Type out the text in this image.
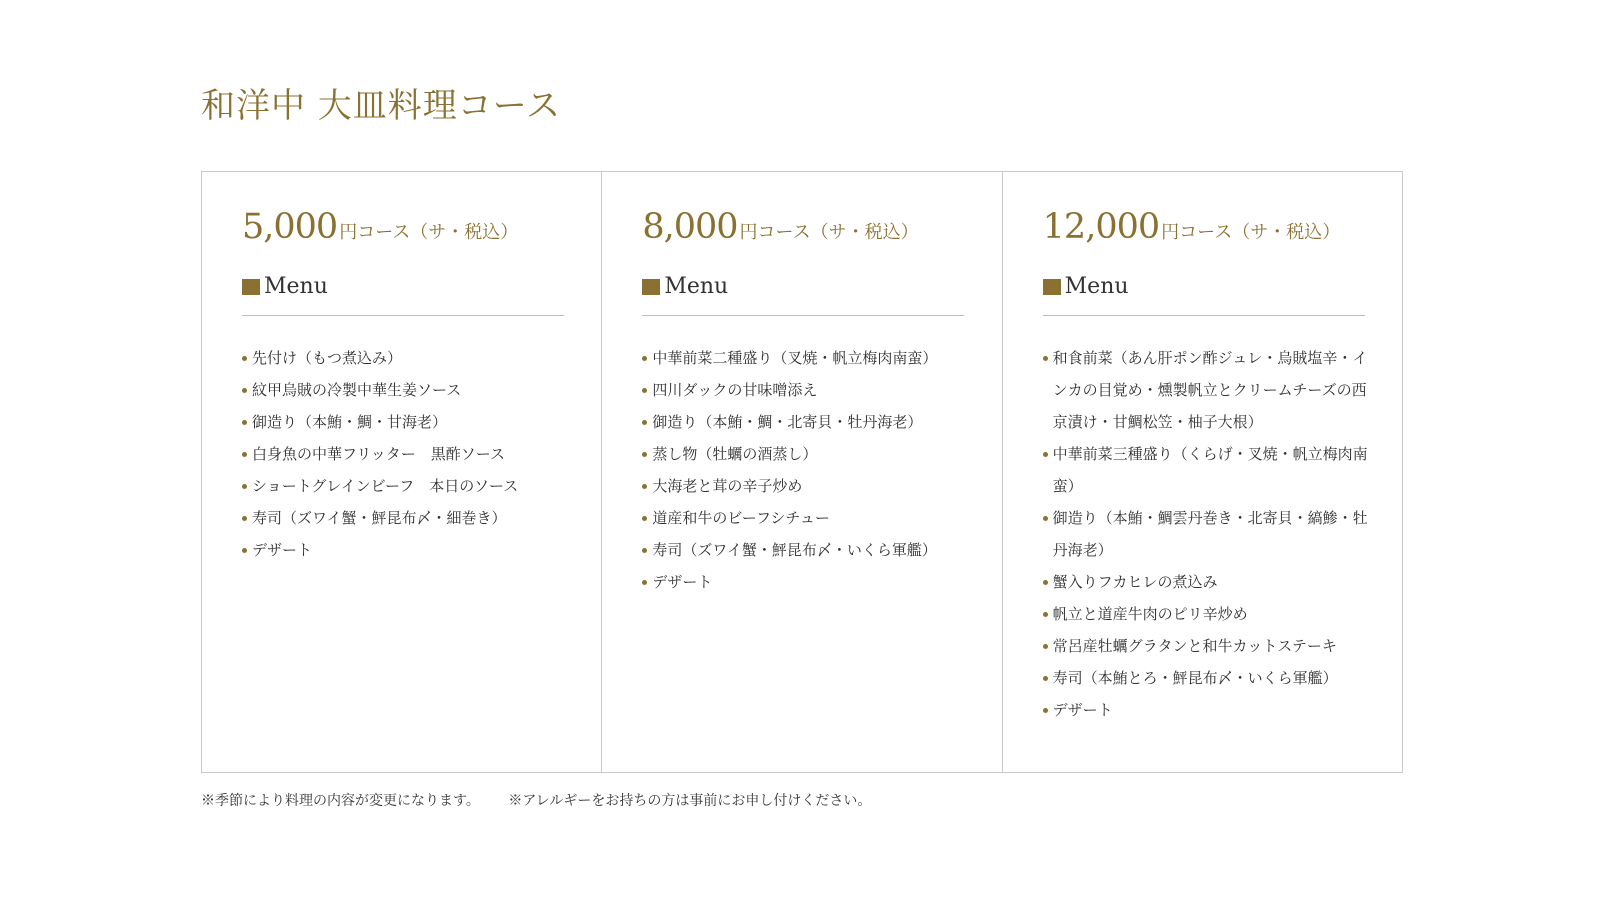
和洋中 大皿料理コース
5,000 円コース（サ・税込）
Menu
先付け（もつ煮込み）
紋甲烏賊の冷製中華生姜ソース
御造り（本鮪・鯛・甘海老）
白身魚の中華フリッター　黒酢ソース
ショートグレインビーフ　本日のソース
寿司（ズワイ蟹・鮃昆布〆・細巻き）
デザート
8,000 円コース（サ・税込）
Menu
中華前菜二種盛り（叉焼・帆立梅肉南蛮）
四川ダックの甘味噌添え
御造り（本鮪・鯛・北寄貝・牡丹海老）
蒸し物（牡蠣の酒蒸し）
大海老と茸の辛子炒め
道産和牛のビーフシチュー
寿司（ズワイ蟹・鮃昆布〆・いくら軍艦）
デザート
12,000 円コース（サ・税込）
Menu
和食前菜（あん肝ポン酢ジュレ・烏賊塩辛・インカの目覚め・燻製帆立とクリームチーズの西京漬け・甘鯛松笠・柚子大根）
中華前菜三種盛り（くらげ・叉焼・帆立梅肉南蛮）
御造り（本鮪・鯛雲丹巻き・北寄貝・縞鯵・牡丹海老）
蟹入りフカヒレの煮込み
帆立と道産牛肉のピリ辛炒め
常呂産牡蠣グラタンと和牛カットステーキ
寿司（本鮪とろ・鮃昆布〆・いくら軍艦）
デザート
※季節により料理の内容が変更になります。 ※アレルギーをお持ちの方は事前にお申し付けください。
